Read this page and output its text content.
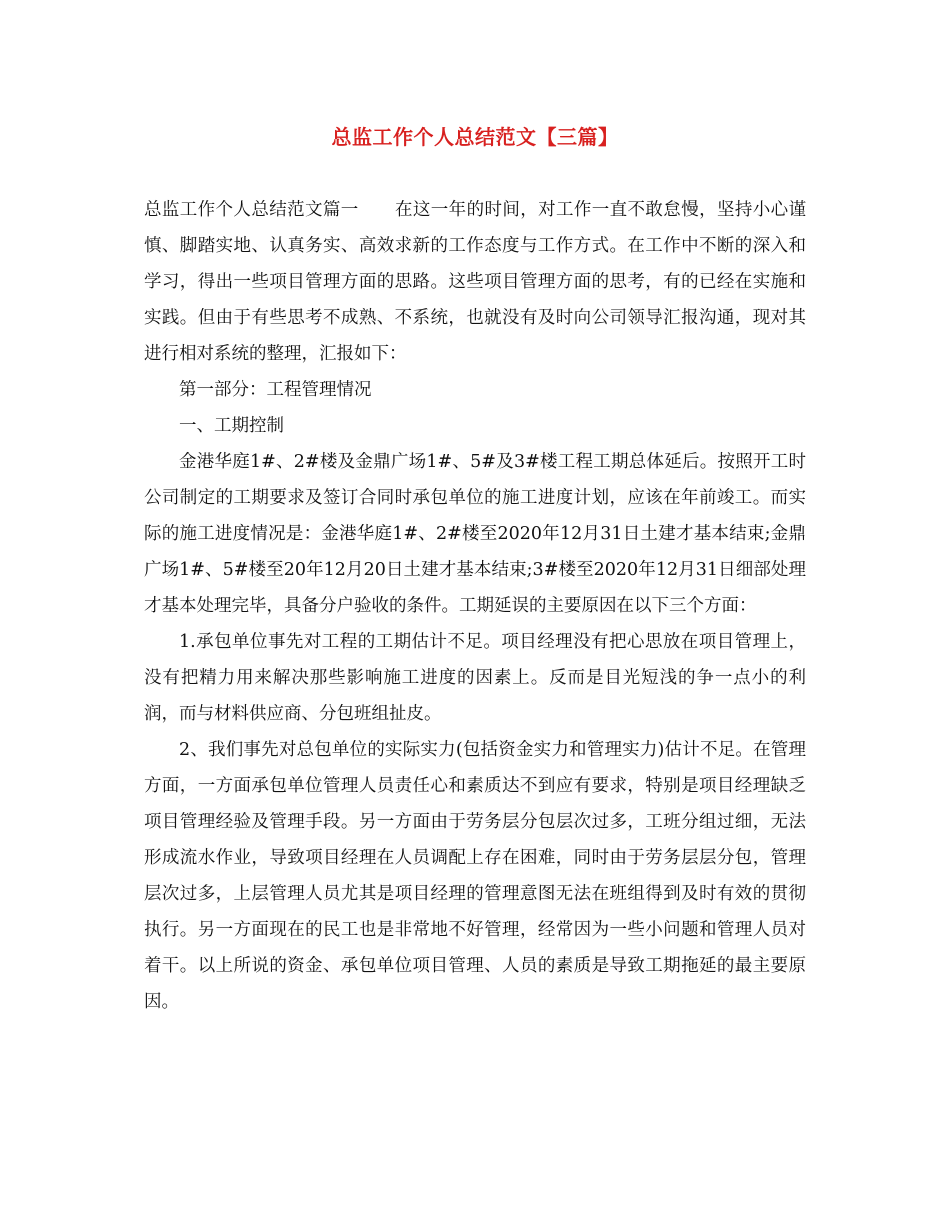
总监工作个人总结范文【三篇】

总监工作个人总结范文篇一 在这一年的时间，对工作一直不敢怠慢，坚持小心谨慎、脚踏实地、认真务实、高效求新的工作态度与工作方式。在工作中不断的深入和学习，得出一些项目管理方面的思路。这些项目管理方面的思考，有的已经在实施和实践。但由于有些思考不成熟、不系统，也就没有及时向公司领导汇报沟通，现对其进行相对系统的整理，汇报如下：

第一部分：工程管理情况

一、工期控制

金港华庭1#、2#楼及金鼎广场1#、5#及3#楼工程工期总体延后。按照开工时公司制定的工期要求及签订合同时承包单位的施工进度计划，应该在年前竣工。而实际的施工进度情况是：金港华庭1#、2#楼至2020年12月31日土建才基本结束;金鼎广场1#、5#楼至20年12月20日土建才基本结束;3#楼至2020年12月31日细部处理才基本处理完毕，具备分户验收的条件。工期延误的主要原因在以下三个方面：

1.承包单位事先对工程的工期估计不足。项目经理没有把心思放在项目管理上，没有把精力用来解决那些影响施工进度的因素上。反而是目光短浅的争一点小的利润，而与材料供应商、分包班组扯皮。

2、我们事先对总包单位的实际实力(包括资金实力和管理实力)估计不足。在管理方面，一方面承包单位管理人员责任心和素质达不到应有要求，特别是项目经理缺乏项目管理经验及管理手段。另一方面由于劳务层分包层次过多，工班分组过细，无法形成流水作业，导致项目经理在人员调配上存在困难，同时由于劳务层层分包，管理层次过多，上层管理人员尤其是项目经理的管理意图无法在班组得到及时有效的贯彻执行。另一方面现在的民工也是非常地不好管理，经常因为一些小问题和管理人员对着干。以上所说的资金、承包单位项目管理、人员的素质是导致工期拖延的最主要原因。
